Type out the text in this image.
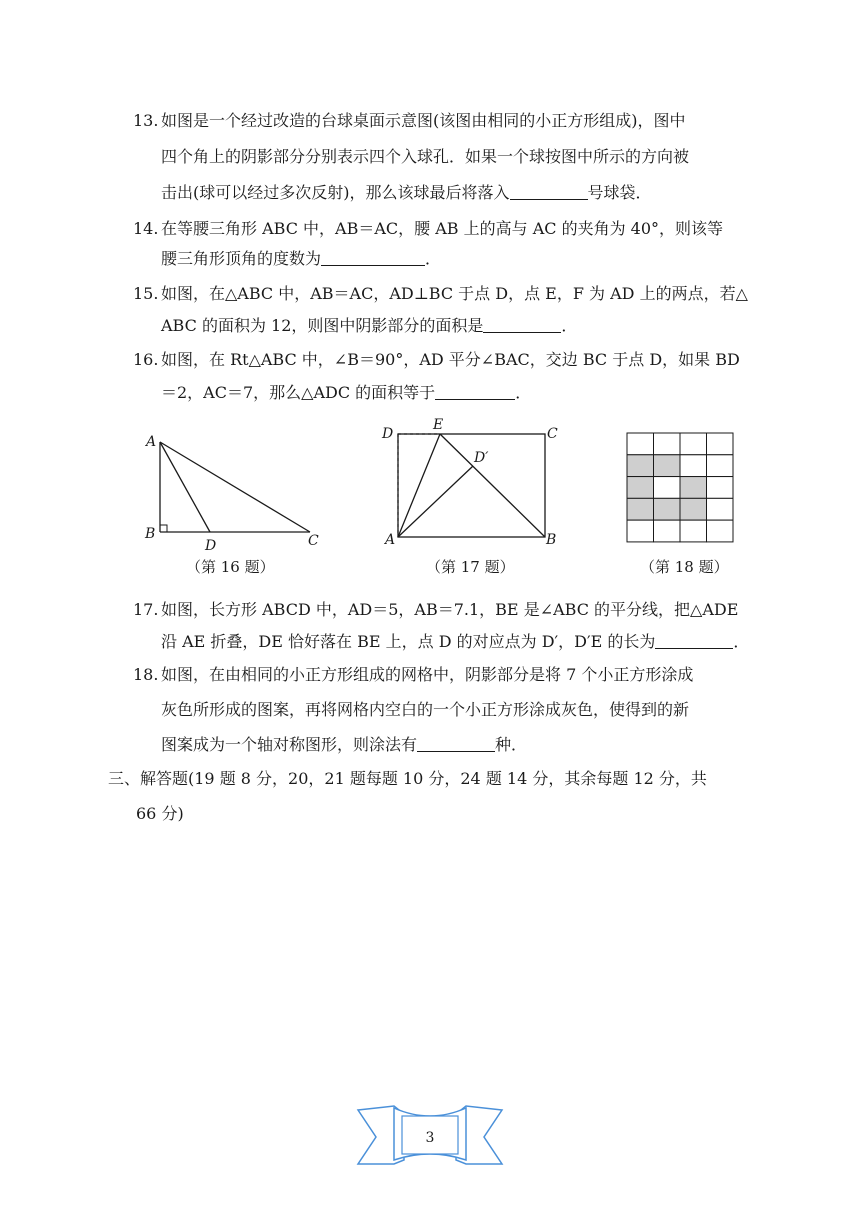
13. 如图是一个经过改造的台球桌面示意图(该图由相同的小正方形组成)，图中
四个角上的阴影部分分别表示四个入球孔．如果一个球按图中所示的方向被
击出(球可以经过多次反射)，那么该球最后将落入	号球袋．
14. 在等腰三角形 ABC 中，AB＝AC，腰 AB 上的高与 AC 的夹角为 40°，则该等
腰三角形顶角的度数为	．
15. 如图，在△ABC 中，AB＝AC，AD⊥BC 于点 D，点 E，F 为 AD 上的两点，若△
ABC 的面积为 12，则图中阴影部分的面积是	．
16. 如图，在 Rt△ABC 中，∠B＝90°，AD 平分∠BAC，交边 BC 于点 D，如果 BD
＝2，AC＝7，那么△ADC 的面积等于	．
A
B
D	C
（第 16 题）
D
E
C
D′
A	B
（第 17 题）	（第 18 题）
17. 如图，长方形 ABCD 中，AD＝5，AB＝7.1，BE 是∠ABC 的平分线，把△ADE
沿 AE 折叠，DE 恰好落在 BE 上，点 D 的对应点为 D′，D′E 的长为	．
18. 如图，在由相同的小正方形组成的网格中，阴影部分是将 7 个小正方形涂成
灰色所形成的图案，再将网格内空白的一个小正方形涂成灰色，使得到的新
图案成为一个轴对称图形，则涂法有	种．
三、解答题(19 题 8 分，20，21 题每题 10 分，24 题 14 分，其余每题 12 分，共
66 分)
3
